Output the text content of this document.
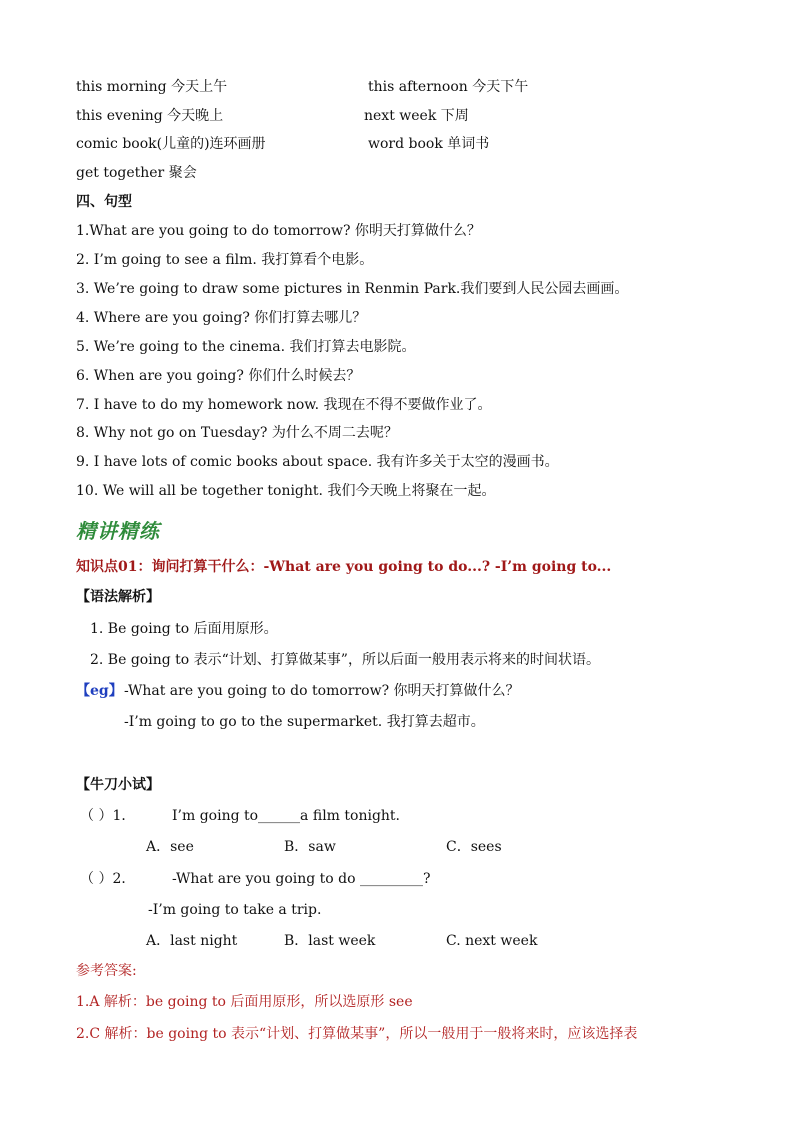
this morning 今天上午	this afternoon 今天下午
this evening 今天晚上	next week 下周
comic book(儿童的)连环画册	word book 单词书
get together 聚会
四、句型
1.What are you going to do tomorrow? 你明天打算做什么？
2. I’m going to see a film. 我打算看个电影。
3. We’re going to draw some pictures in Renmin Park.我们要到人民公园去画画。
4. Where are you going? 你们打算去哪儿？
5. We’re going to the cinema. 我们打算去电影院。
6. When are you going? 你们什么时候去？
7. I have to do my homework now. 我现在不得不要做作业了。
8. Why not go on Tuesday? 为什么不周二去呢？
9. I have lots of comic books about space. 我有许多关于太空的漫画书。
10. We will all be together tonight. 我们今天晚上将聚在一起。
精讲精练
知识点01：询问打算干什么：-What are you going to do...? -I’m going to...
【语法解析】
1. Be going to 后面用原形。
2. Be going to 表示“计划、打算做某事”，所以后面一般用表示将来的时间状语。
【eg】 -What are you going to do tomorrow? 你明天打算做什么？
-I’m going to go to the supermarket. 我打算去超市。
【牛刀小试】
（ ）1．	I’m going to______a film tonight.
A．see	B．saw	C．sees
（ ）2．	-What are you going to do _________?
-I’m going to take a trip.
A．last night	B．last week	C. next week
参考答案:
1.A 解析：be going to 后面用原形，所以选原形 see
2.C 解析：be going to 表示“计划、打算做某事”，所以一般用于一般将来时，应该选择表
